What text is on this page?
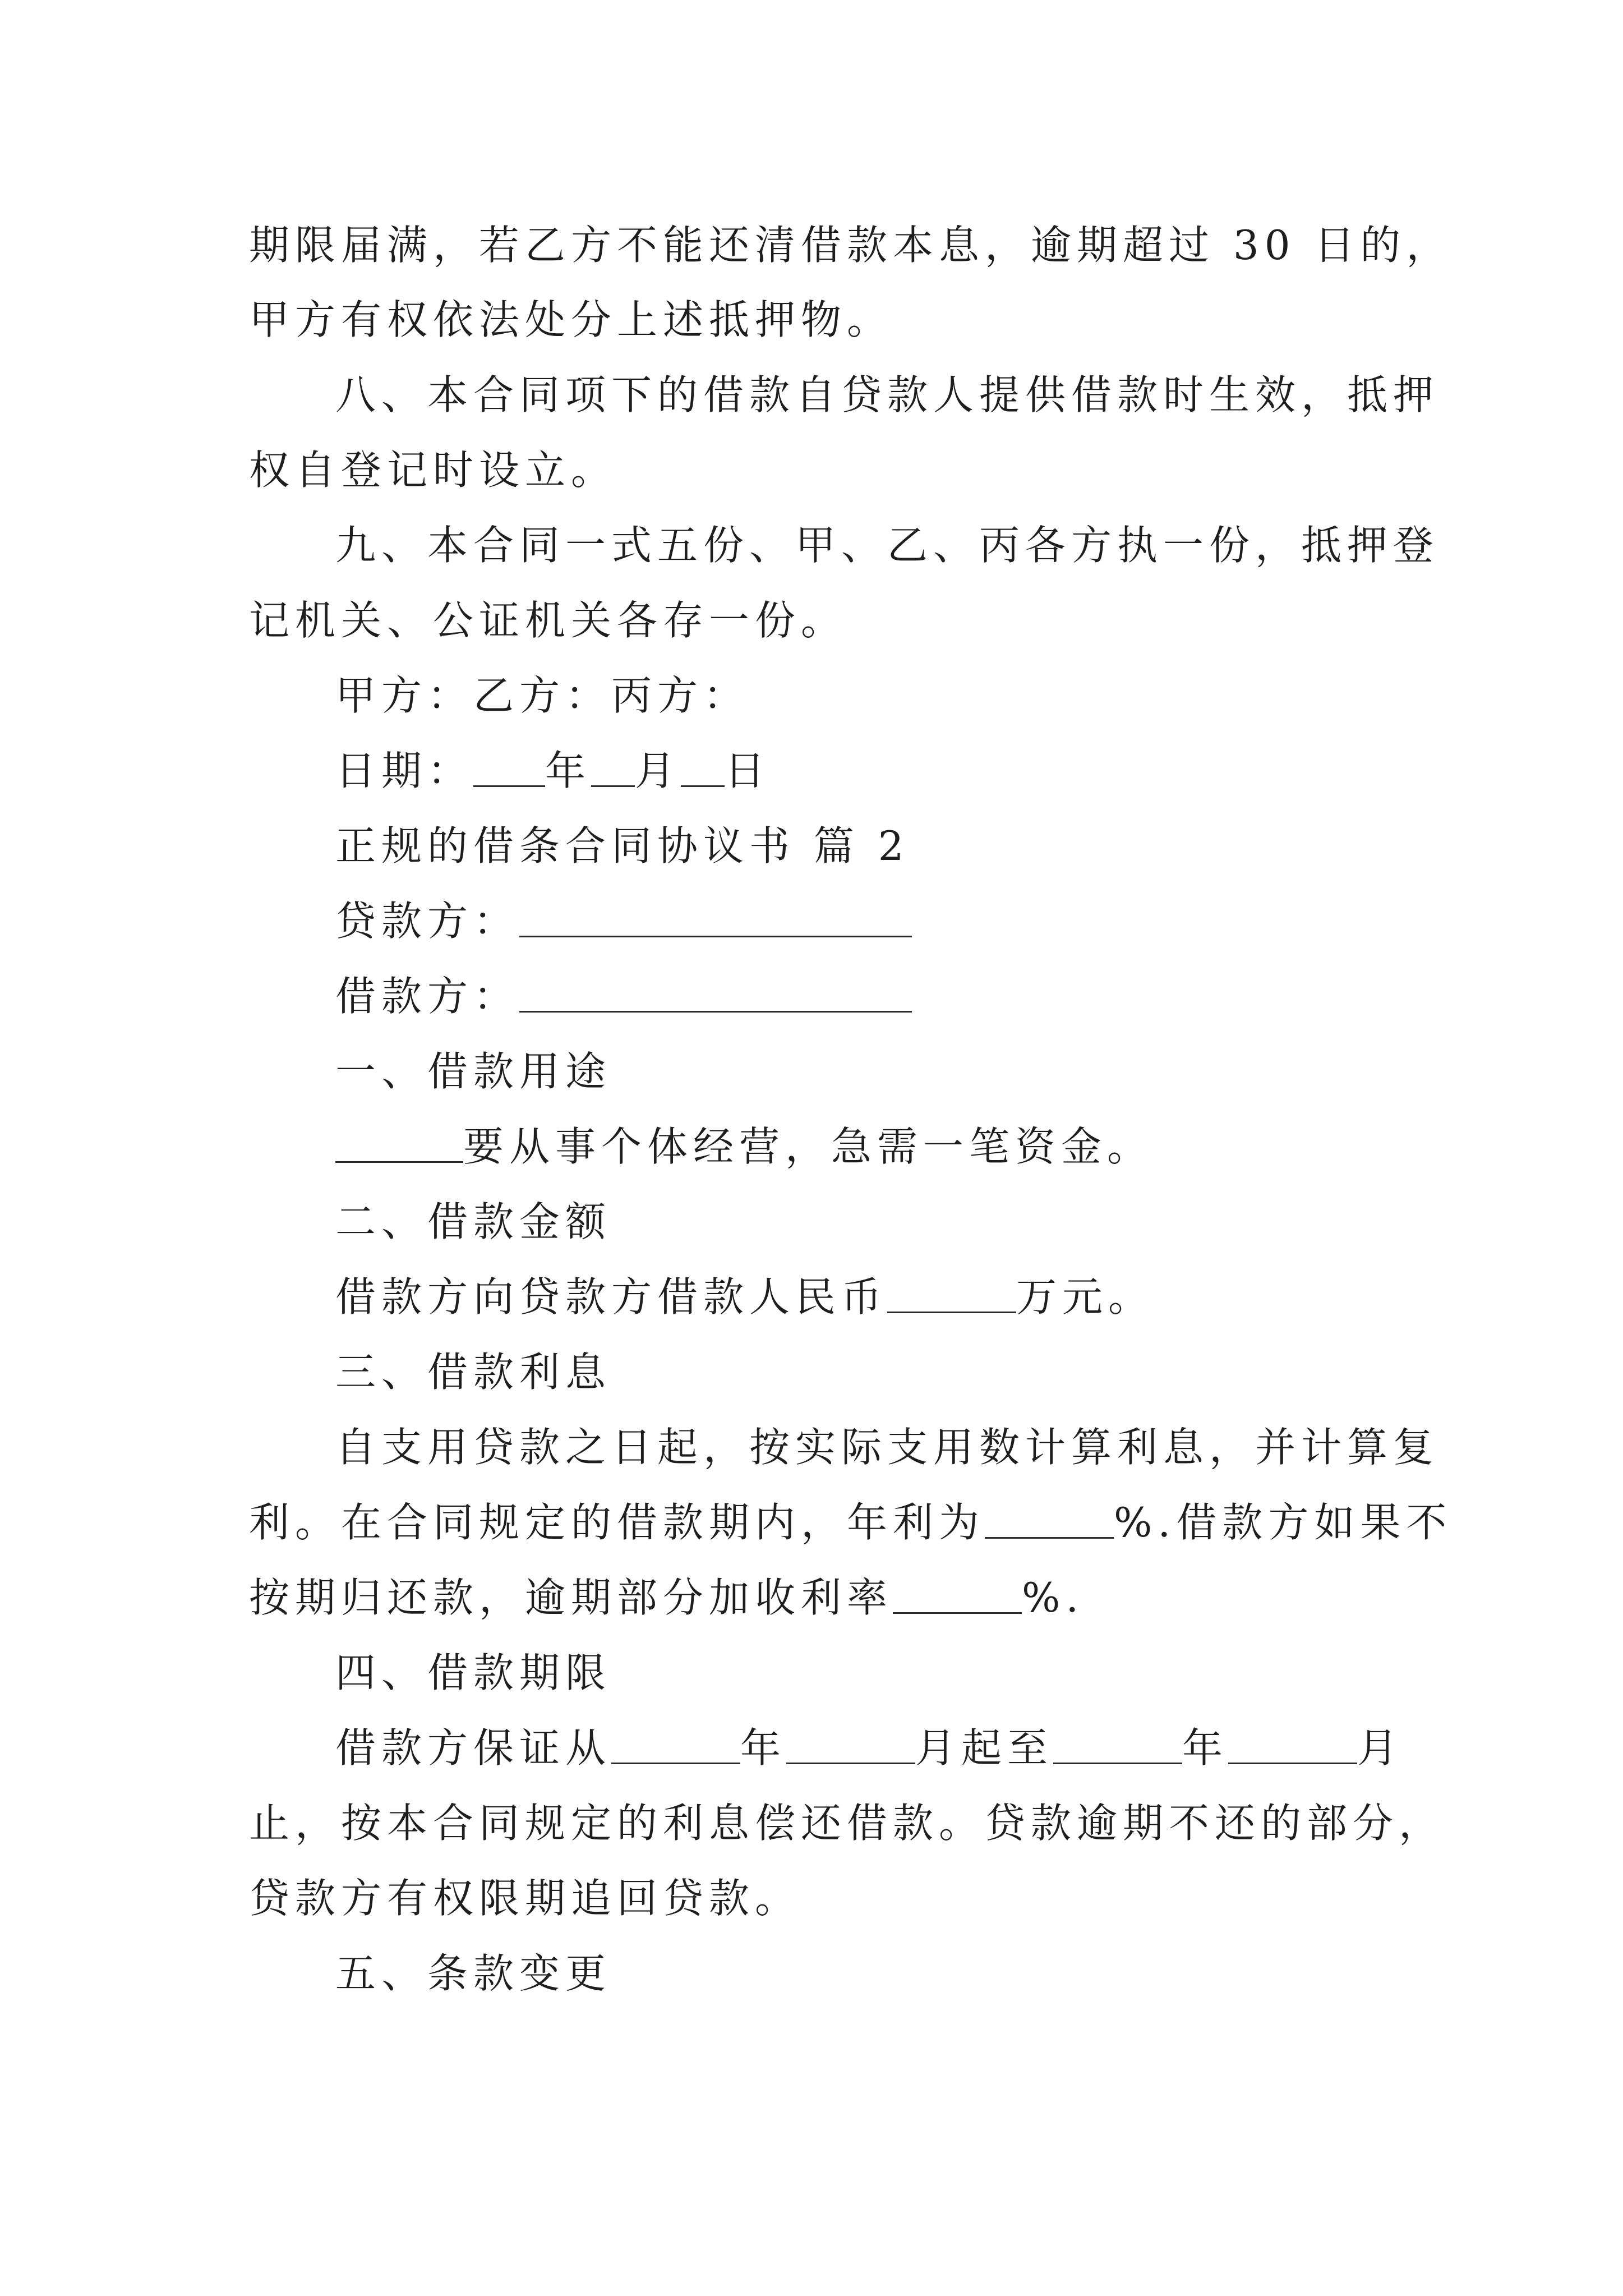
期限届满，若乙方不能还清借款本息，逾期超过 30 日的，
甲方有权依法处分上述抵押物。
八、本合同项下的借款自贷款人提供借款时生效，抵押
权自登记时设立。
九、本合同一式五份、甲、乙、丙各方执一份，抵押登
记机关、公证机关各存一份。
甲方：乙方：丙方：
日期： 年 月 日
正规的借条合同协议书 篇 2
贷款方：
借款方：
一、借款用途
要从事个体经营，急需一笔资金。
二、借款金额
借款方向贷款方借款人民币	万元。
三、借款利息
自支用贷款之日起，按实际支用数计算利息，并计算复
利。在合同规定的借款期内，年利为	%.借款方如果不
按期归还款，逾期部分加收利率	%.
四、借款期限
借款方保证从	年	月起至	年	月
止，按本合同规定的利息偿还借款。贷款逾期不还的部分，
贷款方有权限期追回贷款。
五、条款变更
